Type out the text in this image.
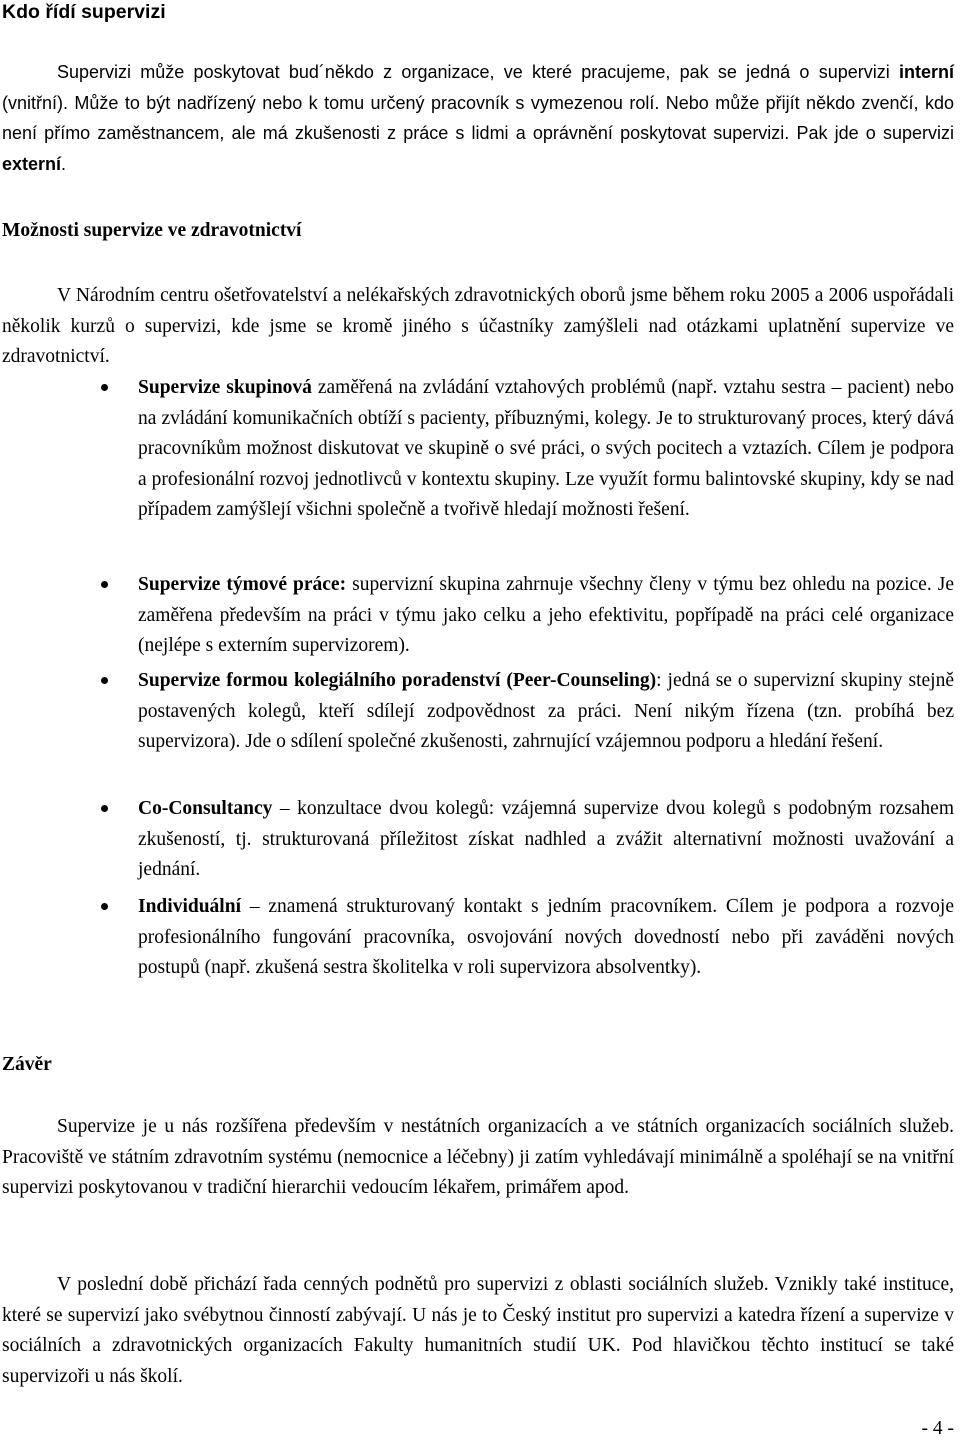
Kdo řídí supervizi

Supervizi může poskytovat bud´někdo z organizace, ve které pracujeme, pak se jedná o supervizi interní (vnitřní). Může to být nadřízený nebo k tomu určený pracovník s vymezenou rolí. Nebo může přijít někdo zvenčí, kdo není přímo zaměstnancem, ale má zkušenosti z práce s lidmi a oprávnění poskytovat supervizi. Pak jde o supervizi externí.

Možnosti supervize ve zdravotnictví

V Národním centru ošetřovatelství a nelékařských zdravotnických oborů jsme během roku 2005 a 2006 uspořádali několik kurzů o supervizi, kde jsme se kromě jiného s účastníky zamýšleli nad otázkami uplatnění supervize ve zdravotnictví.

Supervize skupinová zaměřená na zvládání vztahových problémů (např. vztahu sestra – pacient) nebo na zvládání komunikačních obtíží s pacienty, příbuznými, kolegy. Je to strukturovaný proces, který dává pracovníkům možnost diskutovat ve skupině o své práci, o svých pocitech a vztazích. Cílem je podpora a profesionální rozvoj jednotlivců v kontextu skupiny. Lze využít formu balintovské skupiny, kdy se nad případem zamýšlejí všichni společně a tvořivě hledají možnosti řešení.
Supervize týmové práce: supervizní skupina zahrnuje všechny členy v týmu bez ohledu na pozice. Je zaměřena především na práci v týmu jako celku a jeho efektivitu, popřípadě na práci celé organizace (nejlépe s externím supervizorem).
Supervize formou kolegiálního poradenství (Peer-Counseling): jedná se o supervizní skupiny stejně postavených kolegů, kteří sdílejí zodpovědnost za práci. Není nikým řízena (tzn. probíhá bez supervizora). Jde o sdílení společné zkušenosti, zahrnující vzájemnou podporu a hledání řešení.
Co-Consultancy – konzultace dvou kolegů: vzájemná supervize dvou kolegů s podobným rozsahem zkušeností, tj. strukturovaná příležitost získat nadhled a zvážit alternativní možnosti uvažování a jednání.
Individuální – znamená strukturovaný kontakt s jedním pracovníkem. Cílem je podpora a rozvoje profesionálního fungování pracovníka, osvojování nových dovedností nebo při zaváděni nových postupů (např. zkušená sestra školitelka v roli supervizora absolventky).
Závěr

Supervize je u nás rozšířena především v nestátních organizacích a ve státních organizacích sociálních služeb. Pracoviště ve státním zdravotním systému (nemocnice a léčebny) ji zatím vyhledávají minimálně a spoléhají se na vnitřní supervizi poskytovanou v tradiční hierarchii vedoucím lékařem, primářem apod.

V poslední době přichází řada cenných podnětů pro supervizi z oblasti sociálních služeb. Vznikly také instituce, které se supervizí jako svébytnou činností zabývají. U nás je to Český institut pro supervizi a katedra řízení a supervize v sociálních a zdravotnických organizacích Fakulty humanitních studií UK. Pod hlavičkou těchto institucí se také supervizoři u nás školí.

- 4 -
